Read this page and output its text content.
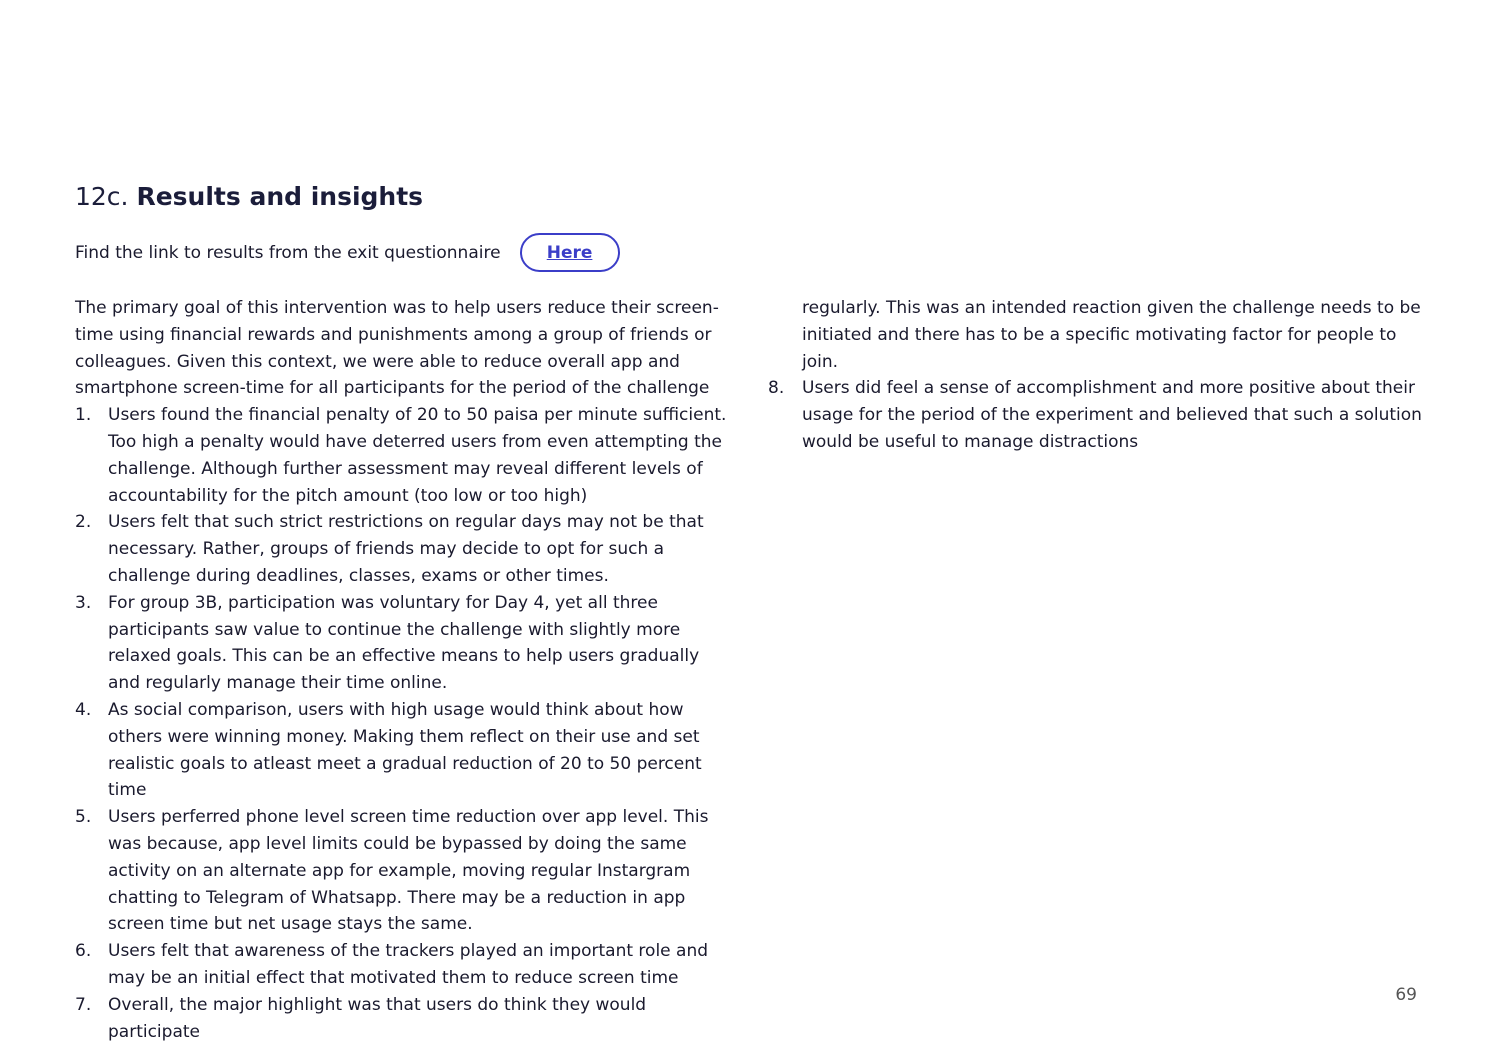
12c. Results and insights
Find the link to results from the exit questionnaire	Here

The primary goal of this intervention was to help users reduce their screen-time using financial rewards and punishments among a group of friends or colleagues. Given this context, we were able to reduce overall app and smartphone screen-time for all participants for the period of the challenge

1. Users found the financial penalty of 20 to 50 paisa per minute sufficient. Too high a penalty would have deterred users from even attempting the challenge. Although further assessment may reveal different levels of accountability for the pitch amount (too low or too high)
2. Users felt that such strict restrictions on regular days may not be that necessary. Rather, groups of friends may decide to opt for such a challenge during deadlines, classes, exams or other times.
3. For group 3B, participation was voluntary for Day 4, yet all three participants saw value to continue the challenge with slightly more relaxed goals. This can be an effective means to help users gradually and regularly manage their time online.
4. As social comparison, users with high usage would think about how others were winning money. Making them reflect on their use and set realistic goals to atleast meet a gradual reduction of 20 to 50 percent time
5. Users perferred phone level screen time reduction over app level. This was because, app level limits could be bypassed by doing the same activity on an alternate app for example, moving regular Instargram chatting to Telegram of Whatsapp. There may be a reduction in app screen time but net usage stays the same.
6. Users felt that awareness of the trackers played an important role and may be an initial effect that motivated them to reduce screen time
7. Overall, the major highlight was that users do think they would participate

regularly. This was an intended reaction given the challenge needs to be initiated and there has to be a specific motivating factor for people to join.

8. Users did feel a sense of accomplishment and more positive about their usage for the period of the experiment and believed that such a solution would be useful to manage distractions
69
